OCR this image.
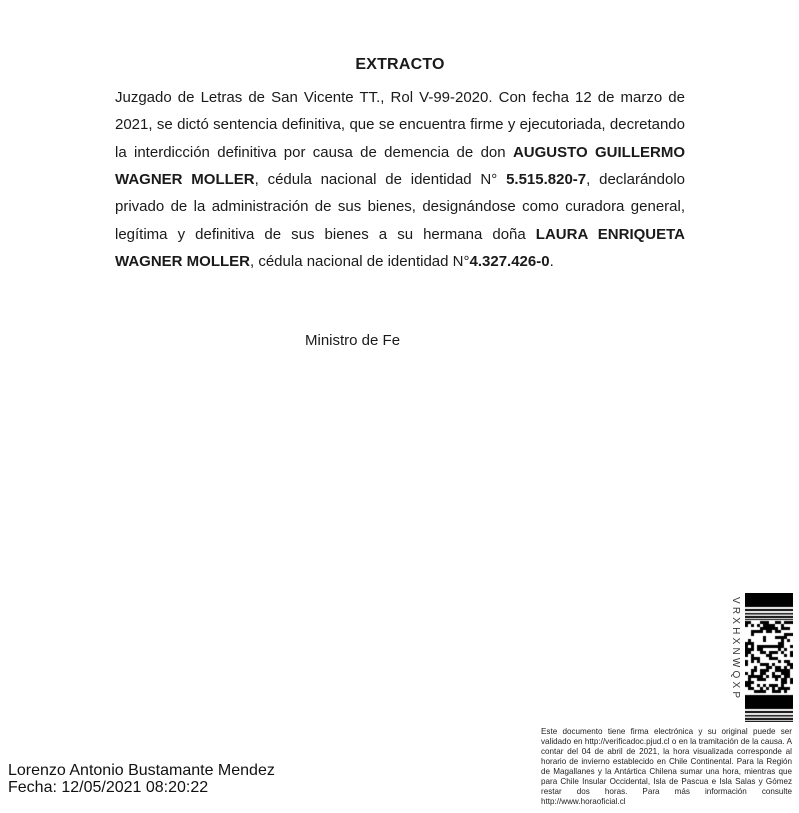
EXTRACTO

Juzgado de Letras de San Vicente TT., Rol V-99-2020. Con fecha 12 de marzo de 2021, se dictó sentencia definitiva, que se encuentra firme y ejecutoriada, decretando la interdicción definitiva por causa de demencia de don AUGUSTO GUILLERMO WAGNER MOLLER, cédula nacional de identidad N° 5.515.820-7, declarándolo privado de la administración de sus bienes, designándose como curadora general, legítima y definitiva de sus bienes a su hermana doña LAURA ENRIQUETA WAGNER MOLLER, cédula nacional de identidad N°4.327.426-0.

Ministro de Fe
VRXHXNWQXP
Este documento tiene firma electrónica y su original puede ser validado en http://verificadoc.pjud.cl o en la tramitación de la causa. A contar del 04 de abril de 2021, la hora visualizada corresponde al horario de invierno establecido en Chile Continental. Para la Región de Magallanes y la Antártica Chilena sumar una hora, mientras que para Chile Insular Occidental, Isla de Pascua e Isla Salas y Gómez restar dos horas. Para más información consulte http://www.horaoficial.cl
Lorenzo Antonio Bustamante Mendez
Fecha: 12/05/2021 08:20:22
